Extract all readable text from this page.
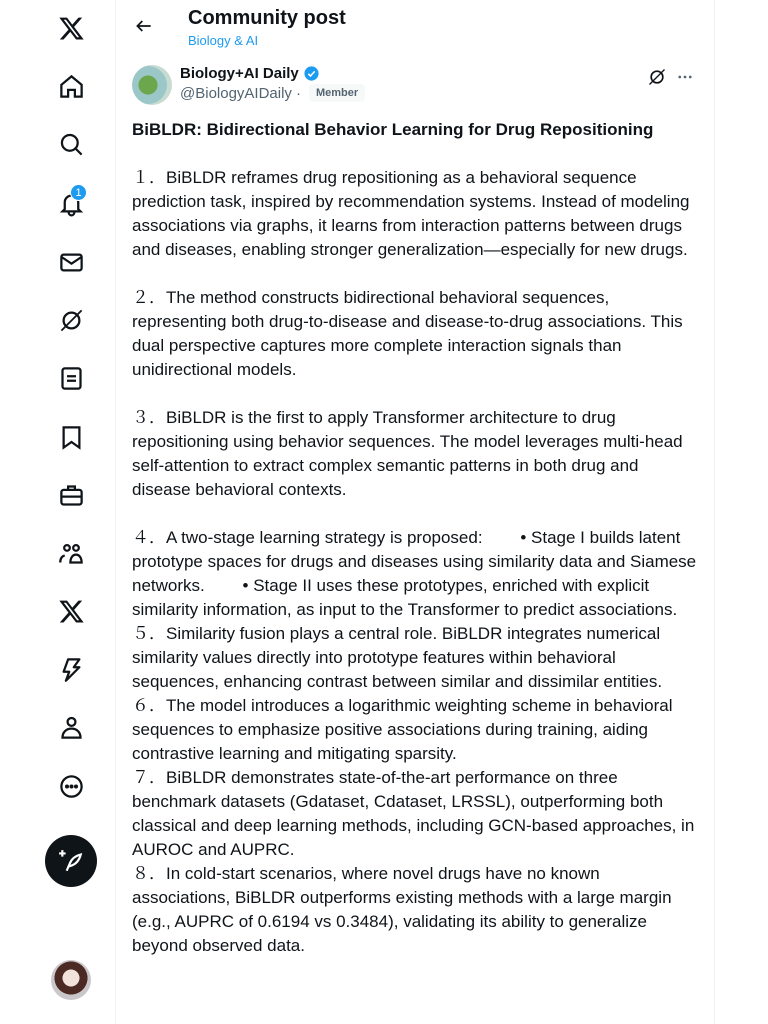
1
Community post
Biology & AI
Biology+AI Daily
@BiologyAIDaily ·	Member
BiBLDR: Bidirectional Behavior Learning for Drug Repositioning
１．BiBLDR reframes drug repositioning as a behavioral sequence prediction task, inspired by recommendation systems. Instead of modeling associations via graphs, it learns from interaction patterns between drugs and diseases, enabling stronger generalization—especially for new drugs.
２．The method constructs bidirectional behavioral sequences, representing both drug-to-disease and disease-to-drug associations. This dual perspective captures more complete interaction signals than unidirectional models.
３．BiBLDR is the first to apply Transformer architecture to drug repositioning using behavior sequences. The model leverages multi-head self-attention to extract complex semantic patterns in both drug and disease behavioral contexts.
４．A two-stage learning strategy is proposed:        • Stage I builds latent prototype spaces for drugs and diseases using similarity data and Siamese networks.        • Stage II uses these prototypes, enriched with explicit similarity information, as input to the Transformer to predict associations.
５．Similarity fusion plays a central role. BiBLDR integrates numerical similarity values directly into prototype features within behavioral sequences, enhancing contrast between similar and dissimilar entities.
６．The model introduces a logarithmic weighting scheme in behavioral sequences to emphasize positive associations during training, aiding contrastive learning and mitigating sparsity.
７．BiBLDR demonstrates state-of-the-art performance on three benchmark datasets (Gdataset, Cdataset, LRSSL), outperforming both classical and deep learning methods, including GCN-based approaches, in AUROC and AUPRC.
８．In cold-start scenarios, where novel drugs have no known associations, BiBLDR outperforms existing methods with a large margin (e.g., AUPRC of 0.6194 vs 0.3484), validating its ability to generalize beyond observed data.
